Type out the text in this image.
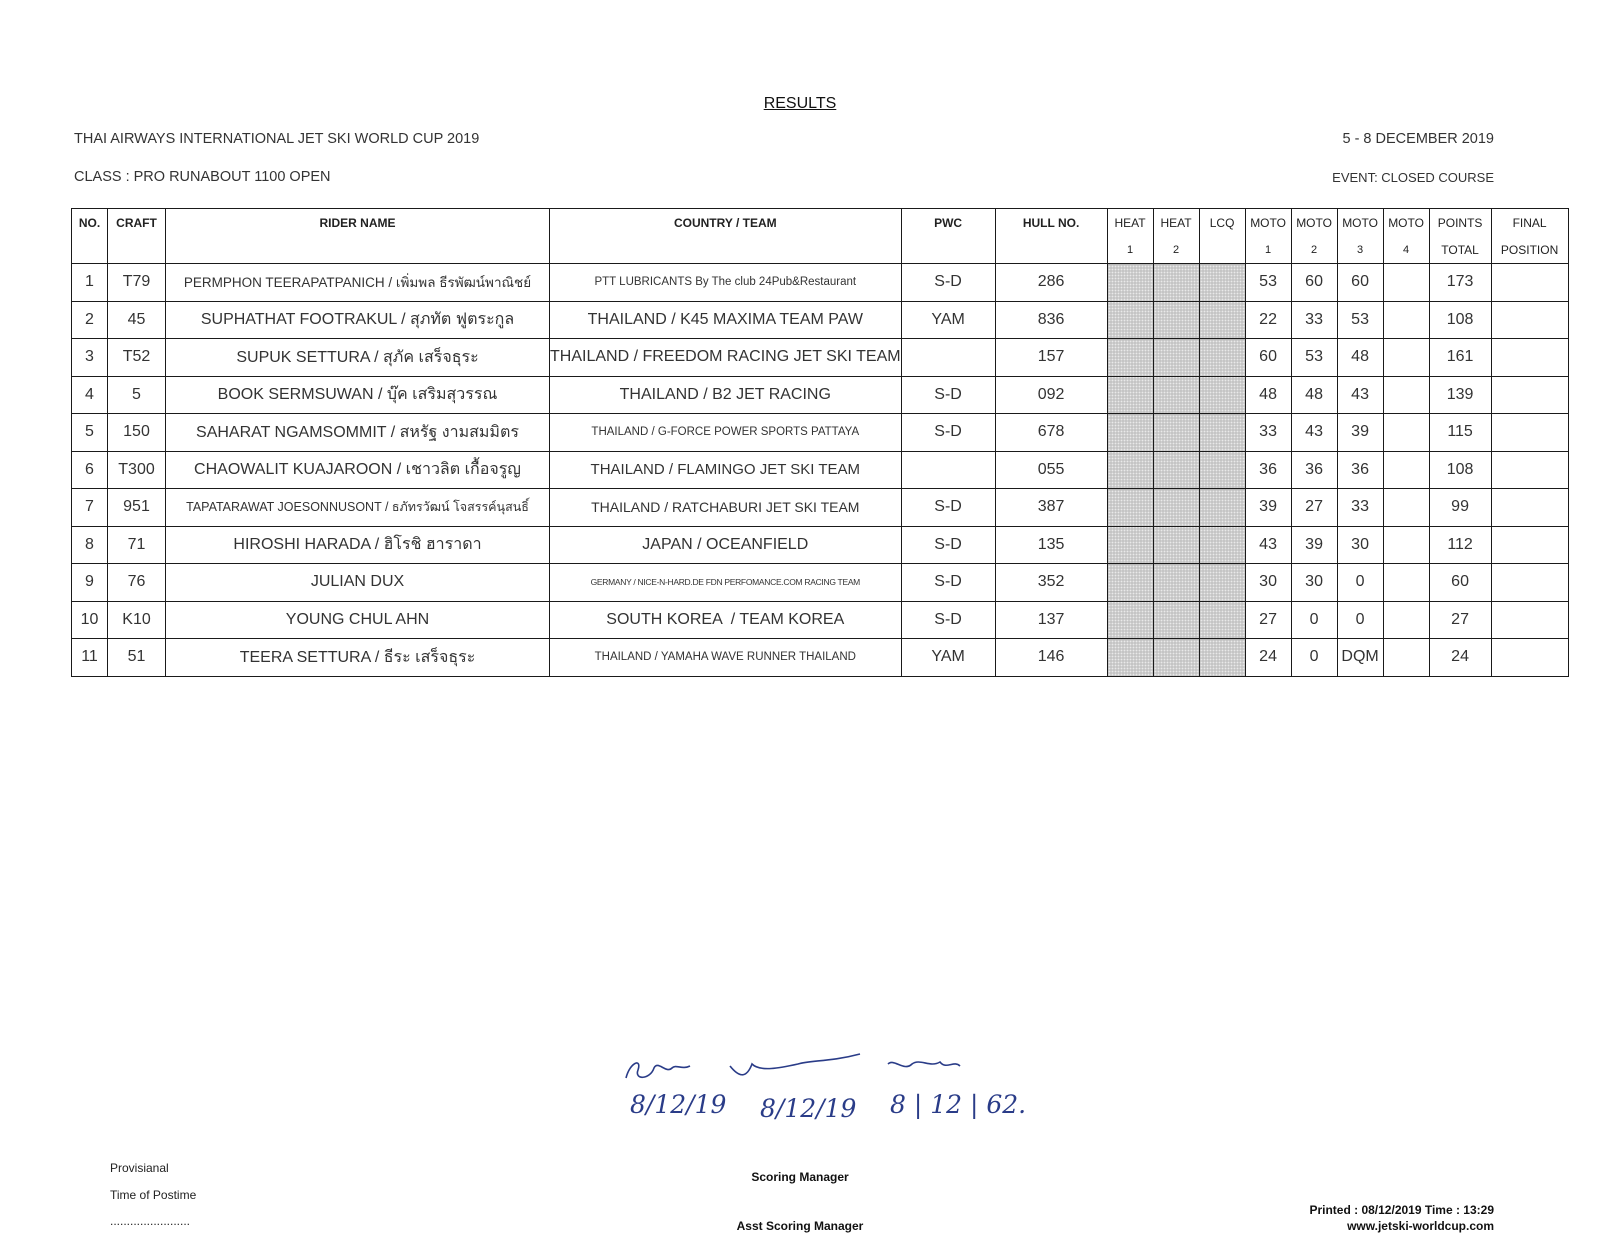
RESULTS
THAI AIRWAYS INTERNATIONAL JET SKI WORLD CUP 2019	5 - 8 DECEMBER 2019
CLASS : PRO RUNABOUT 1100 OPEN	EVENT: CLOSED COURSE
NO.	CRAFT	RIDER NAME	COUNTRY / TEAM	PWC	HULL NO.	HEAT	HEAT	LCQ	MOTO	MOTO	MOTO	MOTO	POINTS	FINAL
						1	2		1	2	3	4	TOTAL	POSITION
1	T79	PERMPHON TEERAPATPANICH / เพิ่มพล ธีรพัฒน์พาณิชย์	PTT LUBRICANTS By The club 24Pub&Restaurant	S-D	286				53	60	60		173	
2	45	SUPHATHAT FOOTRAKUL / สุภทัต ฟูตระกูล	THAILAND / K45 MAXIMA TEAM PAW	YAM	836				22	33	53		108	
3	T52	SUPUK SETTURA / สุภัค เสร็จธุระ	THAILAND / FREEDOM RACING JET SKI TEAM		157				60	53	48		161	
4	5	BOOK SERMSUWAN / บุ๊ค เสริมสุวรรณ	THAILAND / B2 JET RACING	S-D	092				48	48	43		139	
5	150	SAHARAT NGAMSOMMIT / สหรัฐ งามสมมิตร	THAILAND / G-FORCE POWER SPORTS PATTAYA	S-D	678				33	43	39		115	
6	T300	CHAOWALIT KUAJAROON / เชาวลิต เกื้อจรูญ	THAILAND / FLAMINGO JET SKI TEAM		055				36	36	36		108	
7	951	TAPATARAWAT JOESONNUSONT / ธภัทรวัฒน์ โจสรรค์นุสนธิ์	THAILAND / RATCHABURI JET SKI TEAM	S-D	387				39	27	33		99	
8	71	HIROSHI HARADA / ฮิโรชิ ฮาราดา	JAPAN / OCEANFIELD	S-D	135				43	39	30		112	
9	76	JULIAN DUX	GERMANY / NICE-N-HARD.DE FDN PERFOMANCE.COM RACING TEAM	S-D	352				30	30	0		60	
10	K10	YOUNG CHUL AHN	SOUTH KOREA  / TEAM KOREA	S-D	137				27	0	0		27	
11	51	TEERA SETTURA / ธีระ เสร็จธุระ	THAILAND / YAMAHA WAVE RUNNER THAILAND	YAM	146				24	0	DQM		24	
8/12/19 8/12/19 8 | 12 | 62.
Provisianal
Time of Postime
........................
Scoring Manager
Asst Scoring Manager
Printed : 08/12/2019 Time : 13:29
www.jetski-worldcup.com
